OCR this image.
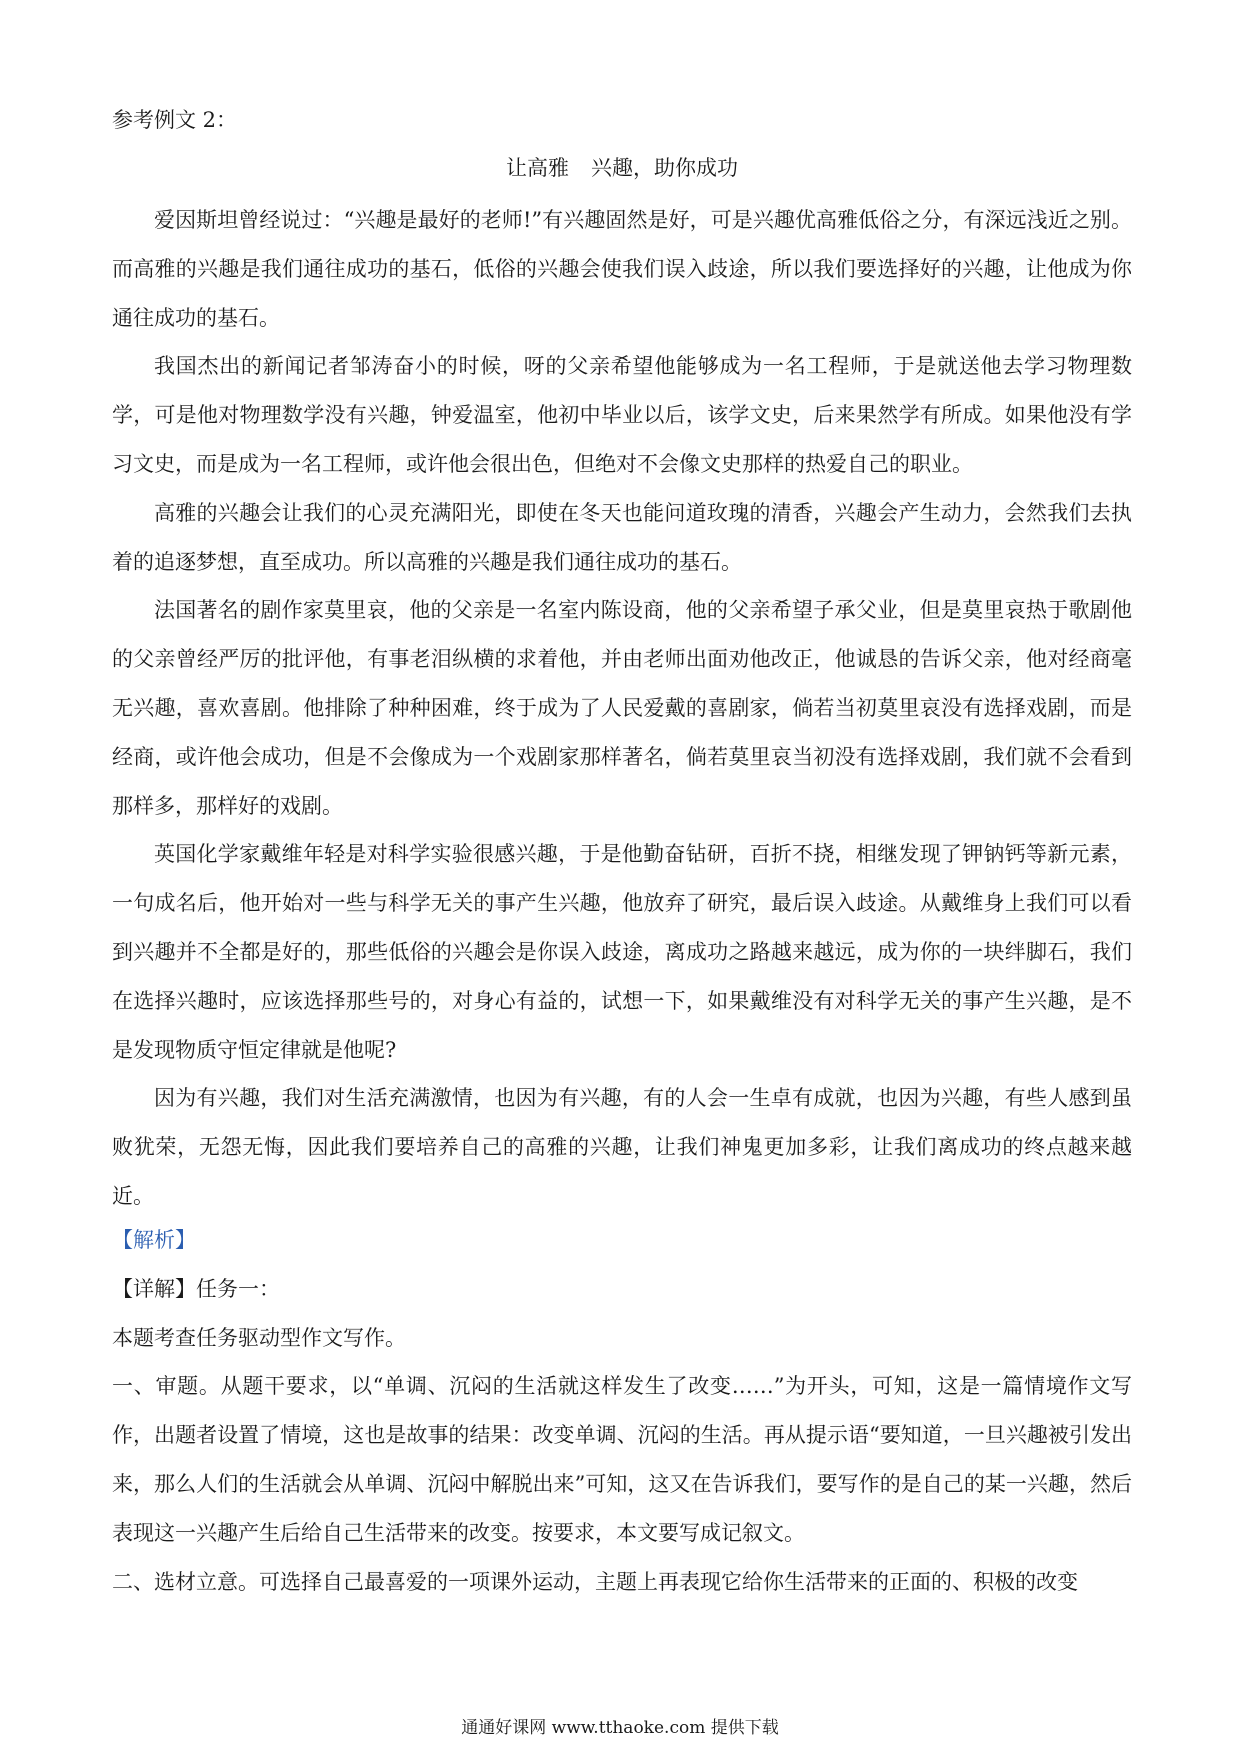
参考例文 2：
让高雅 兴趣，助你成功

爱因斯坦曾经说过：“兴趣是最好的老师!”有兴趣固然是好，可是兴趣优高雅低俗之分，有深远浅近之别。而高雅的兴趣是我们通往成功的基石，低俗的兴趣会使我们误入歧途，所以我们要选择好的兴趣，让他成为你通往成功的基石。

我国杰出的新闻记者邹涛奋小的时候，呀的父亲希望他能够成为一名工程师，于是就送他去学习物理数学，可是他对物理数学没有兴趣，钟爱温室，他初中毕业以后，该学文史，后来果然学有所成。如果他没有学习文史，而是成为一名工程师，或许他会很出色，但绝对不会像文史那样的热爱自己的职业。

高雅的兴趣会让我们的心灵充满阳光，即使在冬天也能问道玫瑰的清香，兴趣会产生动力，会然我们去执着的追逐梦想，直至成功。所以高雅的兴趣是我们通往成功的基石。

法国著名的剧作家莫里哀，他的父亲是一名室内陈设商，他的父亲希望子承父业，但是莫里哀热于歌剧他的父亲曾经严厉的批评他，有事老泪纵横的求着他，并由老师出面劝他改正，他诚恳的告诉父亲，他对经商毫无兴趣，喜欢喜剧。他排除了种种困难，终于成为了人民爱戴的喜剧家，倘若当初莫里哀没有选择戏剧，而是经商，或许他会成功，但是不会像成为一个戏剧家那样著名，倘若莫里哀当初没有选择戏剧，我们就不会看到那样多，那样好的戏剧。

英国化学家戴维年轻是对科学实验很感兴趣，于是他勤奋钻研，百折不挠，相继发现了钾钠钙等新元素，一句成名后，他开始对一些与科学无关的事产生兴趣，他放弃了研究，最后误入歧途。从戴维身上我们可以看到兴趣并不全都是好的，那些低俗的兴趣会是你误入歧途，离成功之路越来越远，成为你的一块绊脚石，我们在选择兴趣时，应该选择那些号的，对身心有益的，试想一下，如果戴维没有对科学无关的事产生兴趣，是不是发现物质守恒定律就是他呢?

因为有兴趣，我们对生活充满激情，也因为有兴趣，有的人会一生卓有成就，也因为兴趣，有些人感到虽败犹荣，无怨无悔，因此我们要培养自己的高雅的兴趣，让我们神鬼更加多彩，让我们离成功的终点越来越近。

【解析】

【详解】任务一：

本题考查任务驱动型作文写作。

一、审题。从题干要求，以“单调、沉闷的生活就这样发生了改变……”为开头，可知，这是一篇情境作文写作，出题者设置了情境，这也是故事的结果：改变单调、沉闷的生活。再从提示语“要知道，一旦兴趣被引发出来，那么人们的生活就会从单调、沉闷中解脱出来”可知，这又在告诉我们，要写作的是自己的某一兴趣，然后表现这一兴趣产生后给自己生活带来的改变。按要求，本文要写成记叙文。

二、选材立意。可选择自己最喜爱的一项课外运动，主题上再表现它给你生活带来的正面的、积极的改变

通通好课网 www.tthaoke.com 提供下载
